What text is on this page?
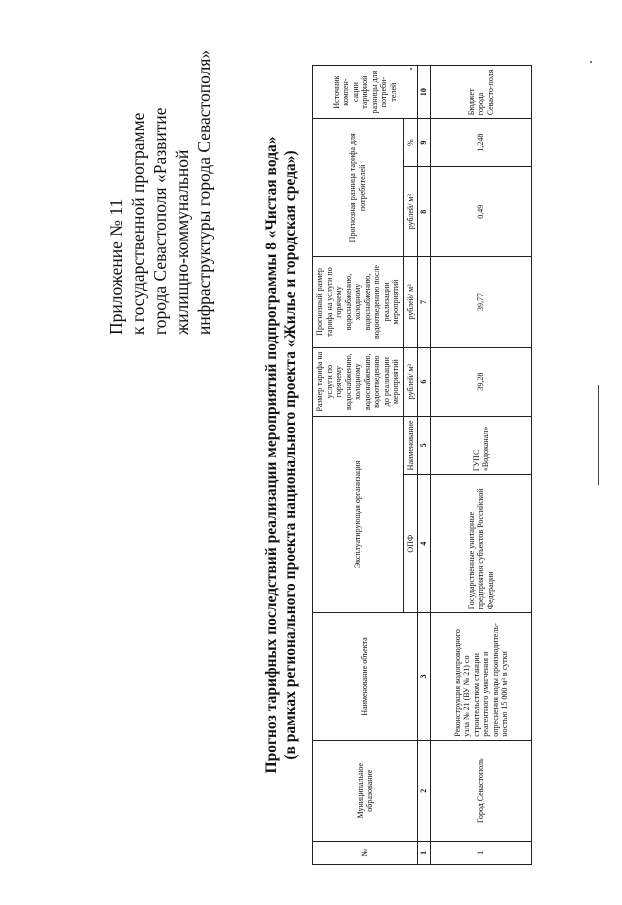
Приложение № 11 к государственной программе города Севастополя «Развитие жилищно-коммунальной инфраструктуры города Севастополя»	Прогноз тарифных последствий реализации мероприятий подпрограммы 8 «Чистая вода» (в рамках регионального проекта национального проекта «Жилье и городская среда»)
№	Муниципальное образование	Наименование объекта	Эксплуатирующая организация		Размер тарифа на услуги по горячему водоснабжению, холодному водоснабжению, водоотведению до реализации мероприятий	Прогнозный размер тарифа на услуги по горячему водоснабжению, холодному водоснабжению, водоотведению после реализации мероприятий	Прогнозная разница тарифа для потребителей		Источник компен-сации тарифной разницы для потреби-телей
			ОПФ	Наименование	рублей/ м³	рублей/ м³	рублей/ м³	%	
1	2	3	4	5	6	7	8	9	10
1	Город Севастополь	Реконструкция водопроводного узла № 21 (ВУ № 21) со строительством станции реагентного умягчения и опреснения воды производитель-ностью 15 000 м³ в сутки	Государственные унитарные предприятия субъектов Российской Федерации	ГУПС «Водоканал»	39,28	39,77	0,49	1,248	Бюджет города Севасто-поля
